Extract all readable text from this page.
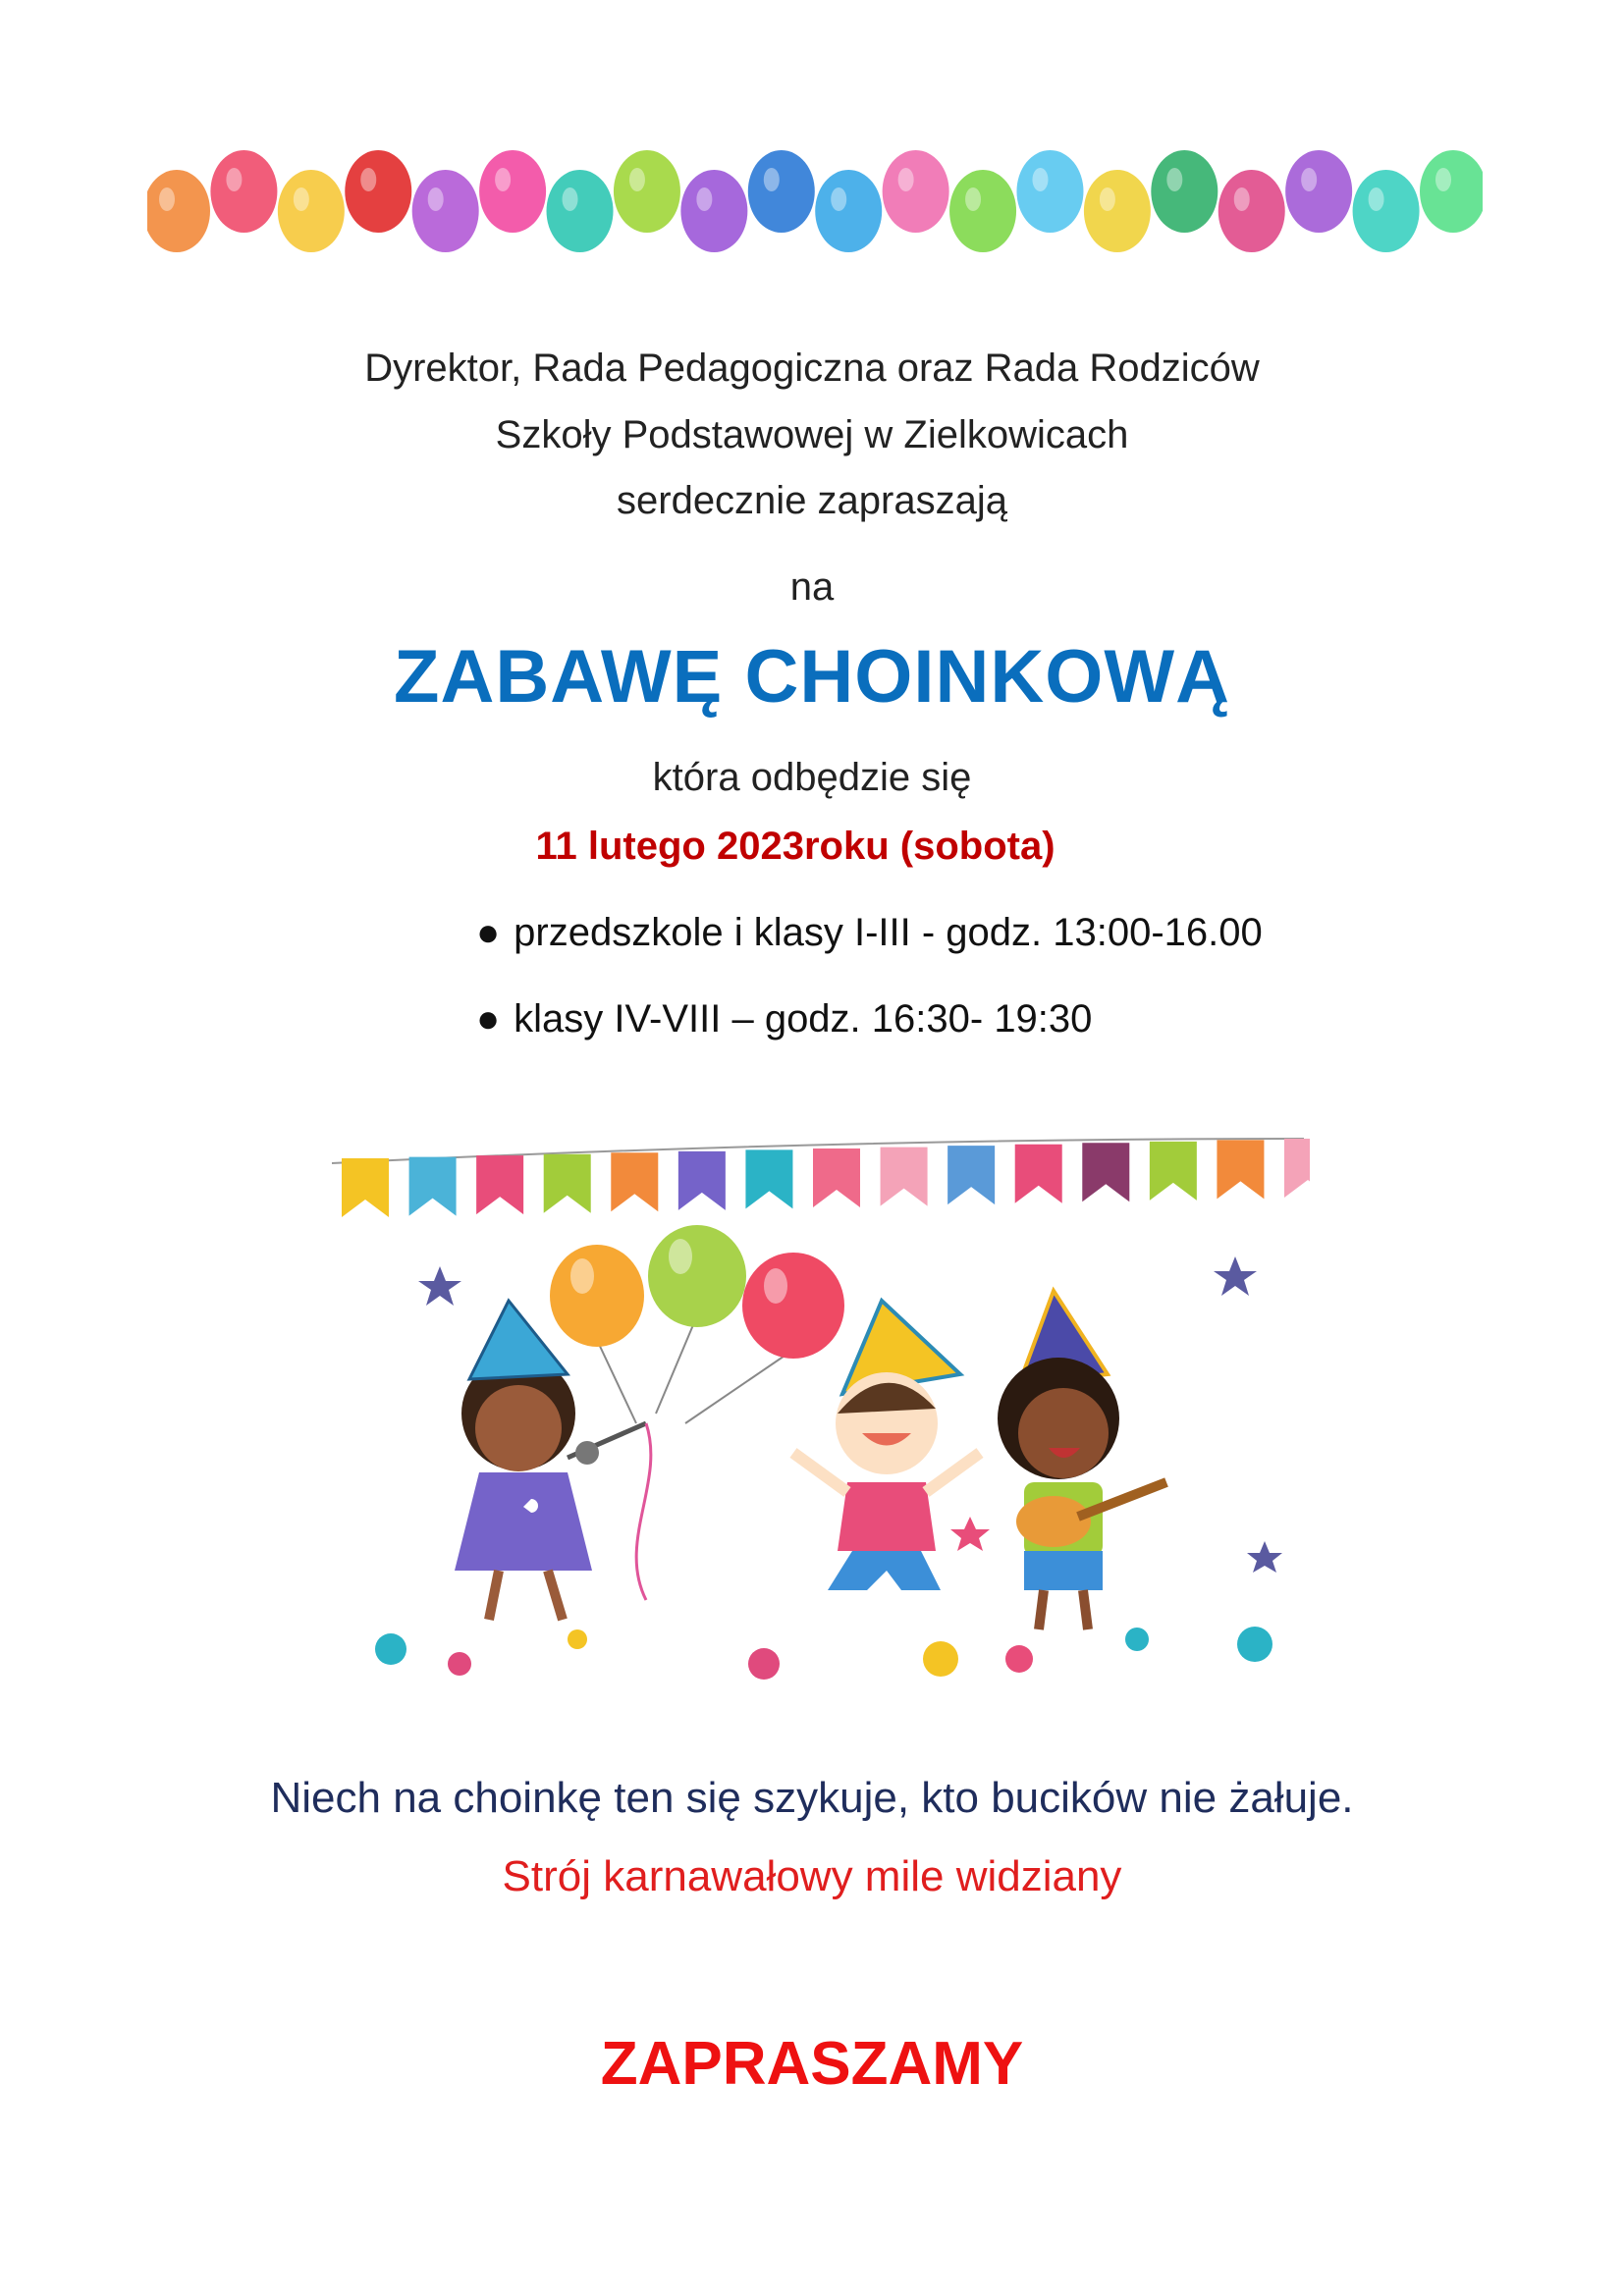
Dyrektor, Rada Pedagogiczna oraz Rada Rodziców
Szkoły Podstawowej w Zielkowicach
serdecznie zapraszają
na
ZABAWĘ CHOINKOWĄ
która odbędzie się
11 lutego 2023roku (sobota)
● przedszkole i klasy I-III - godz. 13:00-16.00
● klasy IV-VIII – godz. 16:30- 19:30
Niech na choinkę ten się szykuje, kto bucików nie żałuje.
Strój karnawałowy mile widziany
ZAPRASZAMY
